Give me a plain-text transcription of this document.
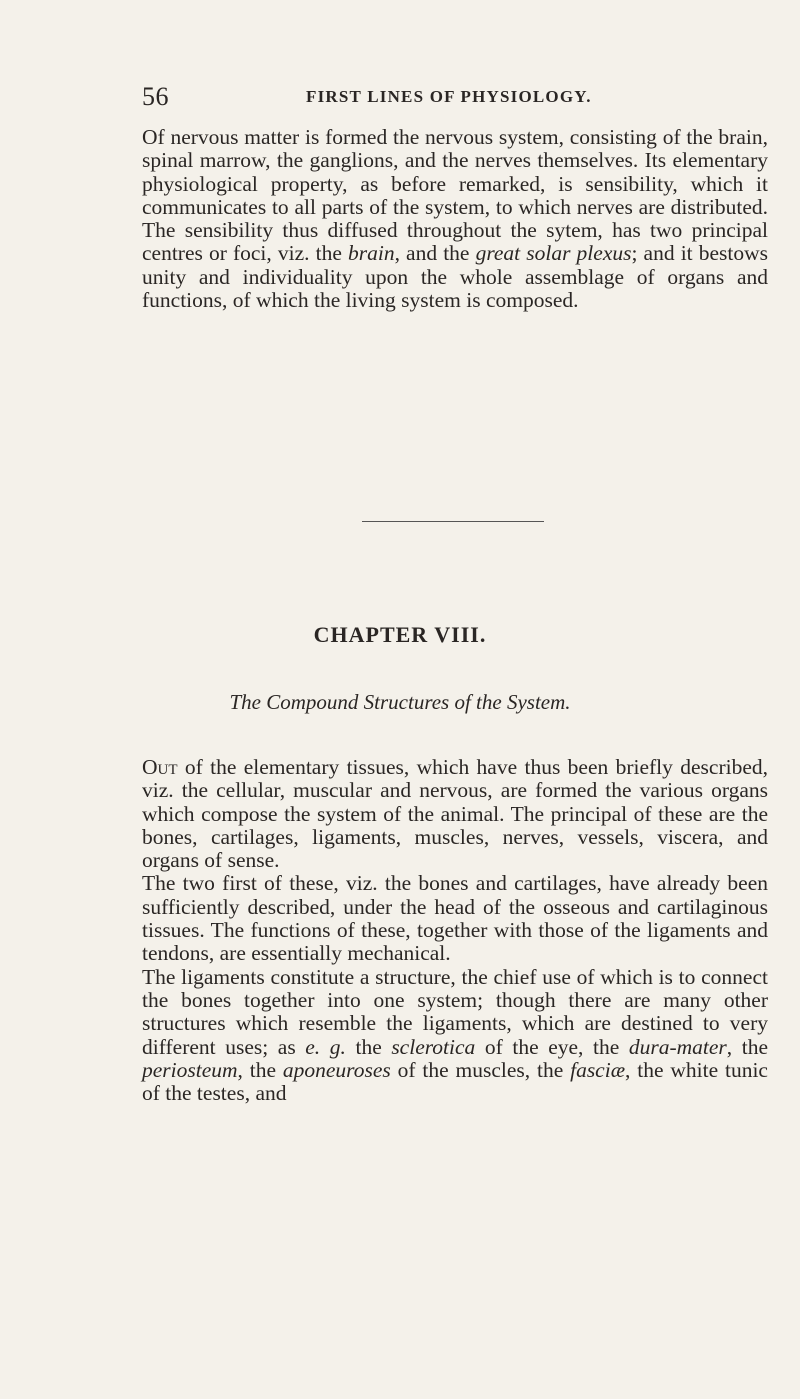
56	FIRST LINES OF PHYSIOLOGY.

Of nervous matter is formed the nervous system, consisting of the brain, spinal marrow, the ganglions, and the nerves themselves. Its elementary physiological property, as before remarked, is sensibility, which it communicates to all parts of the system, to which nerves are distributed. The sensibility thus diffused throughout the sytem, has two principal centres or foci, viz. the brain, and the great solar plexus; and it bestows unity and individuality upon the whole assemblage of organs and functions, of which the living system is composed.

CHAPTER VIII.
The Compound Structures of the System.

Out of the elementary tissues, which have thus been briefly described, viz. the cellular, muscular and nervous, are formed the various organs which compose the system of the animal. The principal of these are the bones, cartilages, ligaments, muscles, nerves, vessels, viscera, and organs of sense.

The two first of these, viz. the bones and cartilages, have already been sufficiently described, under the head of the osseous and cartilaginous tissues. The functions of these, together with those of the ligaments and tendons, are essentially mechanical.

The ligaments constitute a structure, the chief use of which is to connect the bones together into one system; though there are many other structures which resemble the ligaments, which are destined to very different uses; as e. g. the sclerotica of the eye, the dura-mater, the periosteum, the aponeuroses of the muscles, the fasciæ, the white tunic of the testes, and
